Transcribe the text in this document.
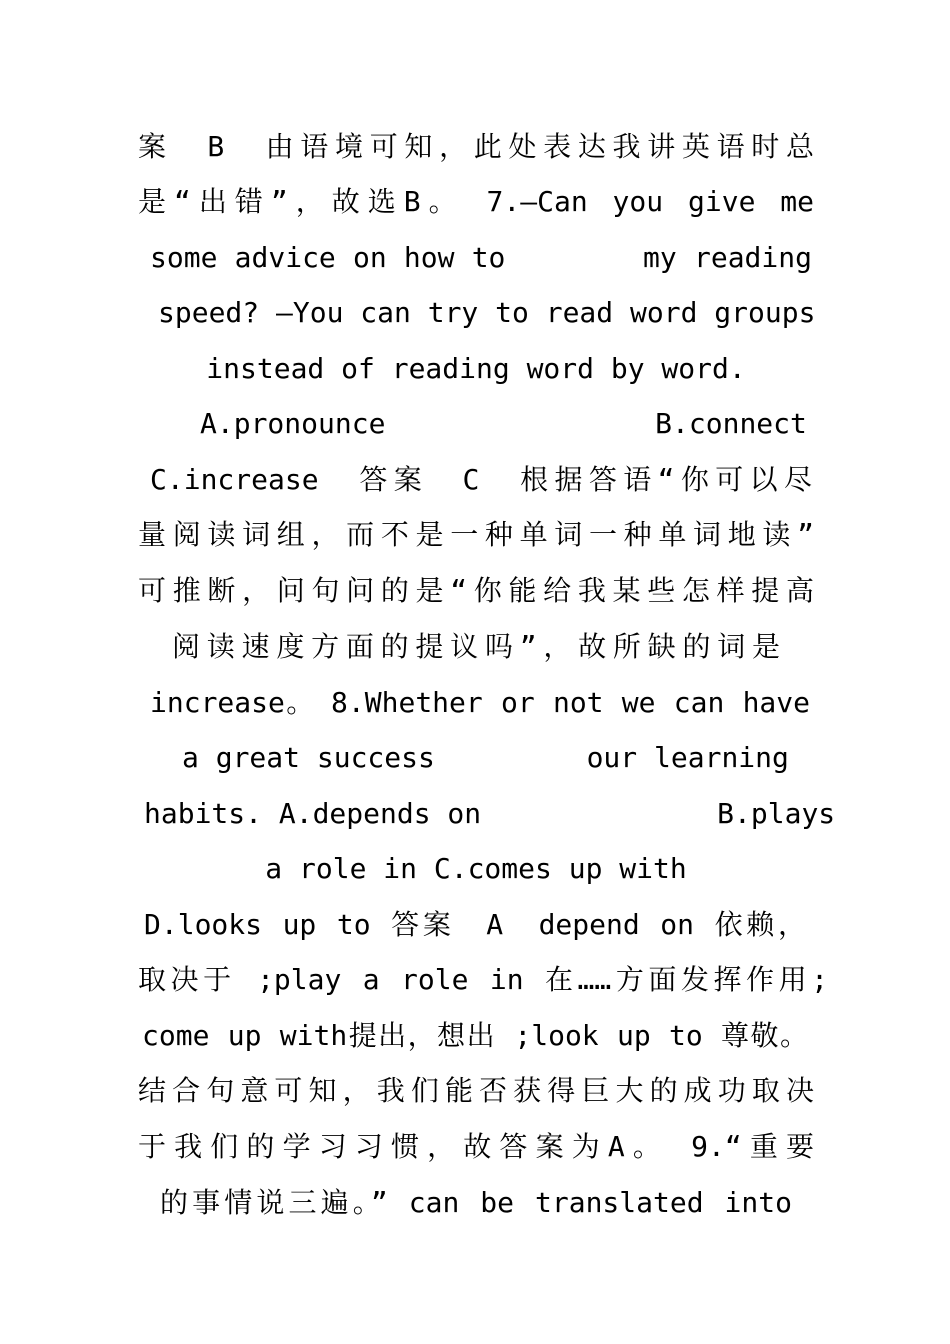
案　B　由语境可知，此处表达我讲英语时总
是“出错”，故选B。　7.—Can you give me
some advice on how to        my reading
speed? —You can try to read word groups
instead of reading word by word.
A.pronounce                B.connect
C.increase　答案　C　根据答语“你可以尽
量阅读词组，而不是一种单词一种单词地读”
可推断，问句问的是“你能给我某些怎样提高
阅读速度方面的提议吗”，故所缺的词是
increase。　8.Whether or not we can have
a great success         our learning
habits. A.depends on              B.plays
a role in C.comes up with
D.looks up to 答案　A　depend on 依赖，
取决于 ;play a role in 在……方面发挥作用;
come up with提出，想出 ;look up to 尊敬。
结合句意可知，我们能否获得巨大的成功取决
于我们的学习习惯，故答案为A。　9.“重要
的事情说三遍。” can be translated into
